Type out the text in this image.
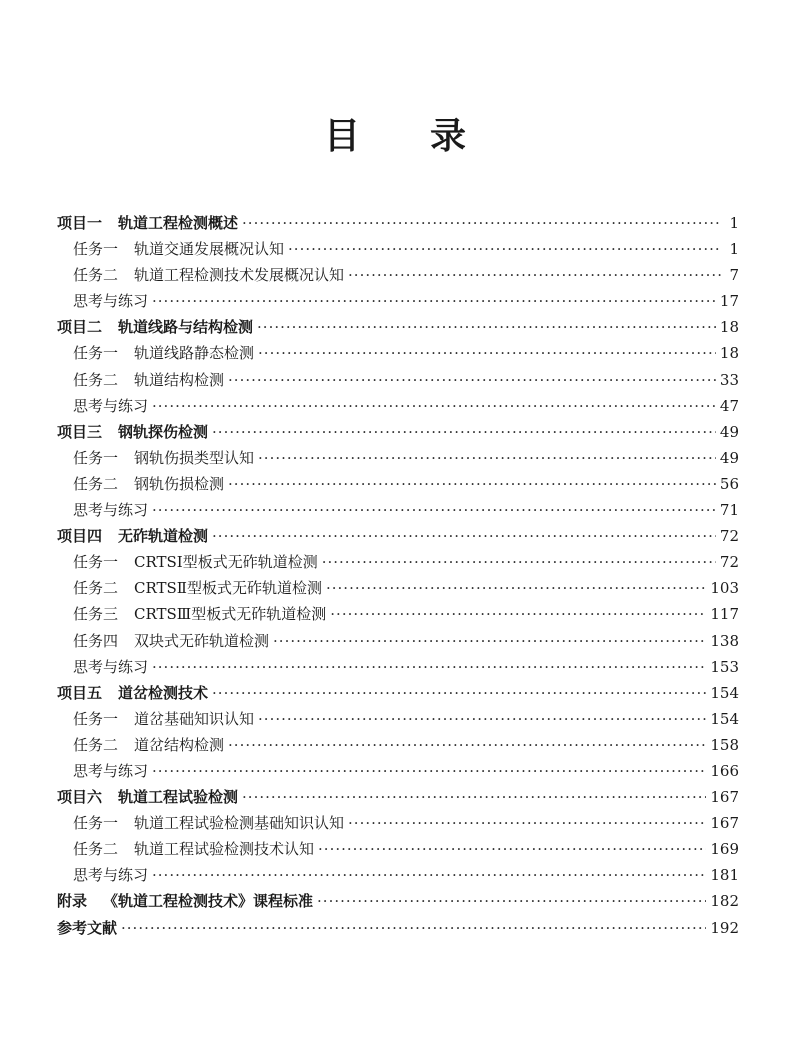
目 录
项目一 轨道工程检测概述 ·····	1
任务一 轨道交通发展概况认知 ·····	1
任务二 轨道工程检测技术发展概况认知 ·····	7
思考与练习 ·····	17
项目二 轨道线路与结构检测 ·····	18
任务一 轨道线路静态检测 ·····	18
任务二 轨道结构检测 ·····	33
思考与练习 ·····	47
项目三 钢轨探伤检测 ·····	49
任务一 钢轨伤损类型认知 ·····	49
任务二 钢轨伤损检测 ·····	56
思考与练习 ·····	71
项目四 无砟轨道检测 ·····	72
任务一 CRTSⅠ型板式无砟轨道检测 ·····	72
任务二 CRTSⅡ型板式无砟轨道检测 ·····	103
任务三 CRTSⅢ型板式无砟轨道检测 ·····	117
任务四 双块式无砟轨道检测 ·····	138
思考与练习 ·····	153
项目五 道岔检测技术 ·····	154
任务一 道岔基础知识认知 ·····	154
任务二 道岔结构检测 ·····	158
思考与练习 ·····	166
项目六 轨道工程试验检测 ·····	167
任务一 轨道工程试验检测基础知识认知 ·····	167
任务二 轨道工程试验检测技术认知 ·····	169
思考与练习 ·····	181
附录 《轨道工程检测技术》课程标准 ·····	182
参考文献 ·····	192
